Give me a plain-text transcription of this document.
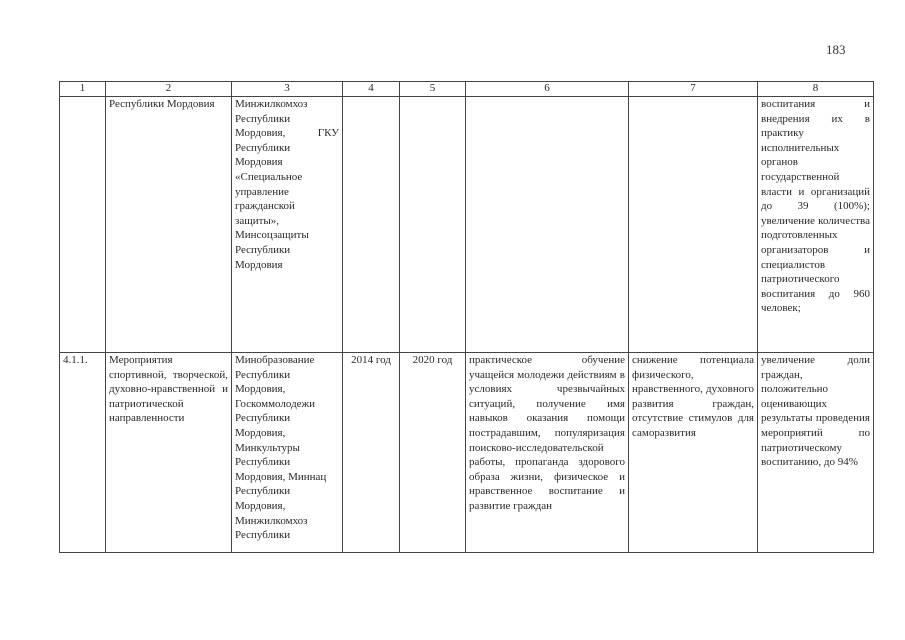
183
1	2	3	4	5	6	7	8
	Республики Мордовия	Минжилкомхоз Республики Мордовия, ГКУ Республики Мордовия «Специальное управление гражданской защиты», Минсоцзащиты Республики Мордовия					воспитания и внедрения их в практику исполнительных органов государственной власти и организаций до 39 (100%); увеличение количества подготовленных организаторов и специалистов патриотического воспитания до 960 человек;
4.1.1.	Мероприятия спортивной, творческой, духовно-нравственной и патриотической направленности	Минобразование Республики Мордовия, Госкоммолодежи Республики Мордовия, Минкультуры Республики Мордовия, Миннац Республики Мордовия, Минжилкомхоз Республики	2014 год	2020 год	практическое обучение учащейся молодежи действиям в условиях чрезвычайных ситуаций, получение имя навыков оказания помощи пострадавшим, популяризация поисково-исследовательской работы, пропаганда здорового образа жизни, физическое и нравственное воспитание и развитие граждан	снижение потенциала физического, нравственного, духовного развития граждан, отсутствие стимулов для саморазвития	увеличение доли граждан, положительно оценивающих результаты проведения мероприятий по патриотическому воспитанию, до 94%
